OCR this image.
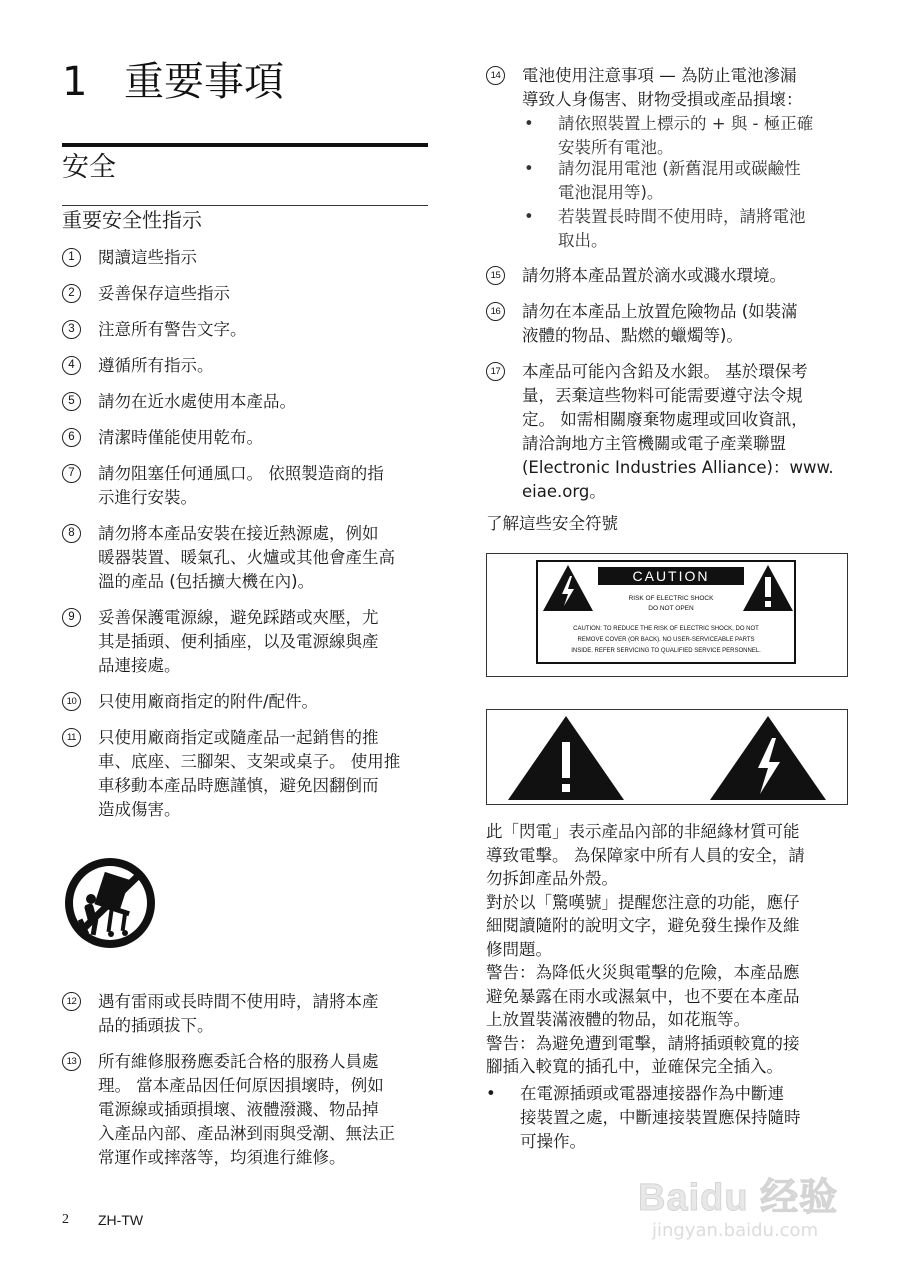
1 重要事項
安全
重要安全性指示
1	閱讀這些指示
2	妥善保存這些指示
3	注意所有警告文字。
4	遵循所有指示。
5	請勿在近水處使用本產品。
6	清潔時僅能使用乾布。
7	請勿阻塞任何通風口。 依照製造商的指
示進行安裝。
8	請勿將本產品安裝在接近熱源處，例如
暖器裝置、暖氣孔、火爐或其他會產生高
溫的產品 (包括擴大機在內)。
9	妥善保護電源線，避免踩踏或夾壓，尤
其是插頭、便利插座，以及電源線與產
品連接處。
10 只使用廠商指定的附件/配件。
11	只使用廠商指定或隨產品一起銷售的推
車、底座、三腳架、支架或桌子。 使用推
車移動本產品時應謹慎，避免因翻倒而
造成傷害。
12 遇有雷雨或長時間不使用時，請將本產
品的插頭拔下。
13 所有維修服務應委託合格的服務人員處
理。 當本產品因任何原因損壞時，例如
電源線或插頭損壞、液體潑濺、物品掉
入產品內部、產品淋到雨與受潮、無法正
常運作或摔落等，均須進行維修。
14 電池使用注意事項 — 為防止電池滲漏
導致人身傷害、財物受損或產品損壞：
15 請勿將本產品置於滴水或濺水環境。
16 請勿在本產品上放置危險物品 (如裝滿
液體的物品、點燃的蠟燭等)。
17 本產品可能內含鉛及水銀。 基於環保考
量，丟棄這些物料可能需要遵守法令規
定。 如需相關廢棄物處理或回收資訊，
請洽詢地方主管機關或電子產業聯盟
(Electronic Industries Alliance)：www.
eiae.org。
• 請依照裝置上標示的 + 與 - 極正確
安裝所有電池。
• 請勿混用電池 (新舊混用或碳鹼性
電池混用等)。
• 若裝置長時間不使用時，請將電池
取出。
了解這些安全符號
CAUTION
RISK OF ELECTRIC SHOCK
DO NOT OPEN
CAUTION: TO REDUCE THE RISK OF ELECTRIC SHOCK, DO NOT
REMOVE COVER (OR BACK). NO USER-SERVICEABLE PARTS
INSIDE. REFER SERVICING TO QUALIFIED SERVICE PERSONNEL.
此「閃電」表示產品內部的非絕緣材質可能
導致電擊。 為保障家中所有人員的安全，請
勿拆卸產品外殼。
對於以「驚嘆號」提醒您注意的功能，應仔
細閱讀隨附的說明文字，避免發生操作及維
修問題。
警告：為降低火災與電擊的危險，本產品應
避免暴露在雨水或濕氣中，也不要在本產品
上放置裝滿液體的物品，如花瓶等。
警告：為避免遭到電擊，請將插頭較寬的接
腳插入較寬的插孔中，並確保完全插入。
• 在電源插頭或電器連接器作為中斷連
接裝置之處，中斷連接裝置應保持隨時
可操作。
2 ZH-TW
Baidu 经验
jingyan.baidu.com
